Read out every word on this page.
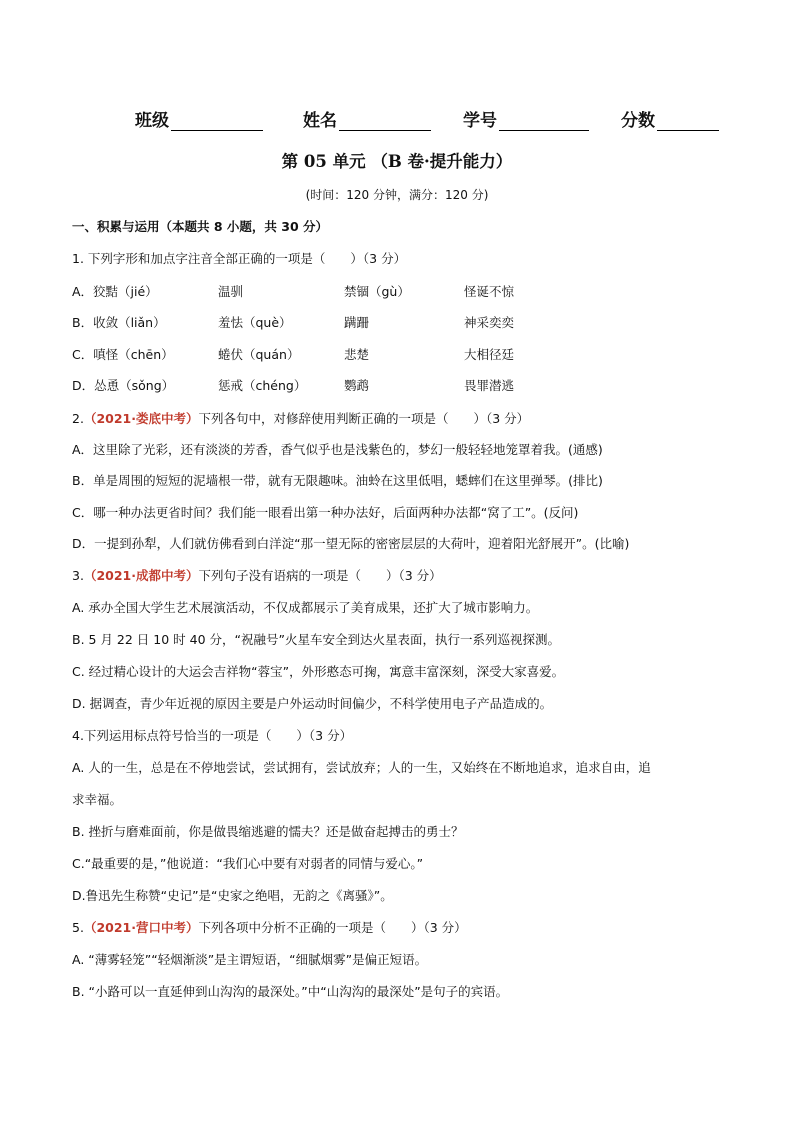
班级	姓名	学号	分数
第 05 单元 （B 卷·提升能力）
(时间：120 分钟，满分：120 分)
一、积累与运用（本题共 8 小题，共 30 分）
1. 下列字形和加点字注音全部正确的一项是（　　）（3 分）
A．狡黠（jié）	温驯	禁锢（gù）	怪诞不惊
B．收敛（liǎn）	羞怯（què）	蹒跚	神采奕奕
C．嗔怪（chēn）	蜷伏（quán）	悲楚	大相径廷
D．怂恿（sǒng）	惩戒（chéng）	鹦鹉	畏罪潜逃
2.（2021·娄底中考）下列各句中，对修辞使用判断正确的一项是（　　）（3 分）
A．这里除了光彩，还有淡淡的芳香，香气似乎也是浅紫色的，梦幻一般轻轻地笼罩着我。(通感)
B．单是周围的短短的泥墙根一带，就有无限趣味。油蛉在这里低唱，蟋蟀们在这里弹琴。(排比)
C．哪一种办法更省时间？我们能一眼看出第一种办法好，后面两种办法都“窝了工”。(反问)
D．一提到孙犁，人们就仿佛看到白洋淀“那一望无际的密密层层的大荷叶，迎着阳光舒展开”。(比喻)
3.（2021·成都中考）下列句子没有语病的一项是（　　）（3 分）
A. 承办全国大学生艺术展演活动，不仅成都展示了美育成果，还扩大了城市影响力。
B. 5 月 22 日 10 时 40 分，“祝融号”火星车安全到达火星表面，执行一系列巡视探测。
C. 经过精心设计的大运会吉祥物“蓉宝”，外形憨态可掬，寓意丰富深刻，深受大家喜爱。
D. 据调查，青少年近视的原因主要是户外运动时间偏少，不科学使用电子产品造成的。
4.下列运用标点符号恰当的一项是（　　）（3 分）
A. 人的一生，总是在不停地尝试，尝试拥有，尝试放弃；人的一生，又始终在不断地追求，追求自由，追
求幸福。
B. 挫折与磨难面前，你是做畏缩逃避的懦夫？还是做奋起搏击的勇士？
C.“最重要的是，”他说道：“我们心中要有对弱者的同情与爱心。”
D.鲁迅先生称赞“史记”是“史家之绝唱，无韵之《离骚》”。
5.（2021·营口中考）下列各项中分析不正确的一项是（　　）（3 分）
A. “薄雾轻笼”“轻烟渐淡”是主谓短语，“细腻烟雾”是偏正短语。
B. “小路可以一直延伸到山沟沟的最深处。”中“山沟沟的最深处”是句子的宾语。
